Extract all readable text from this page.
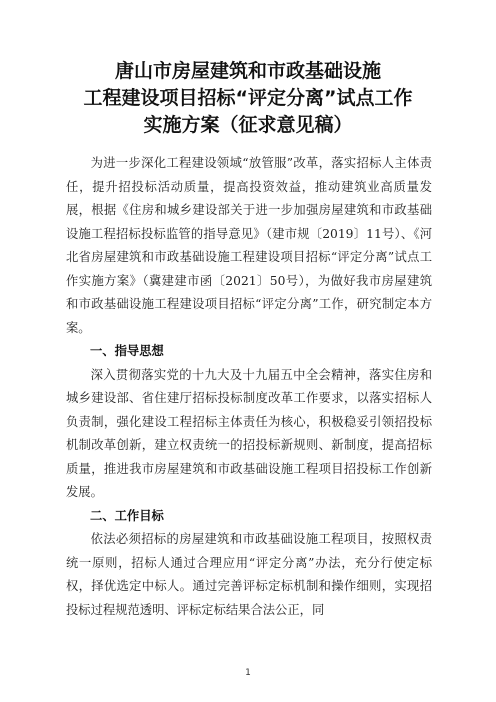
唐山市房屋建筑和市政基础设施
工程建设项目招标“评定分离”试点工作
实施方案（征求意见稿）

为进一步深化工程建设领域“放管服”改革，落实招标人主体责任，提升招投标活动质量，提高投资效益，推动建筑业高质量发展，根据《住房和城乡建设部关于进一步加强房屋建筑和市政基础设施工程招标投标监管的指导意见》（建市规〔2019〕11号）、《河北省房屋建筑和市政基础设施工程建设项目招标“评定分离”试点工作实施方案》（冀建建市函〔2021〕50号），为做好我市房屋建筑和市政基础设施工程建设项目招标“评定分离”工作，研究制定本方案。

一、指导思想

深入贯彻落实党的十九大及十九届五中全会精神，落实住房和城乡建设部、省住建厅招标投标制度改革工作要求，以落实招标人负责制，强化建设工程招标主体责任为核心，积极稳妥引领招投标机制改革创新，建立权责统一的招投标新规则、新制度，提高招标质量，推进我市房屋建筑和市政基础设施工程项目招投标工作创新发展。

二、工作目标

依法必须招标的房屋建筑和市政基础设施工程项目，按照权责统一原则，招标人通过合理应用“评定分离”办法，充分行使定标权，择优选定中标人。通过完善评标定标机制和操作细则，实现招投标过程规范透明、评标定标结果合法公正，同

1
